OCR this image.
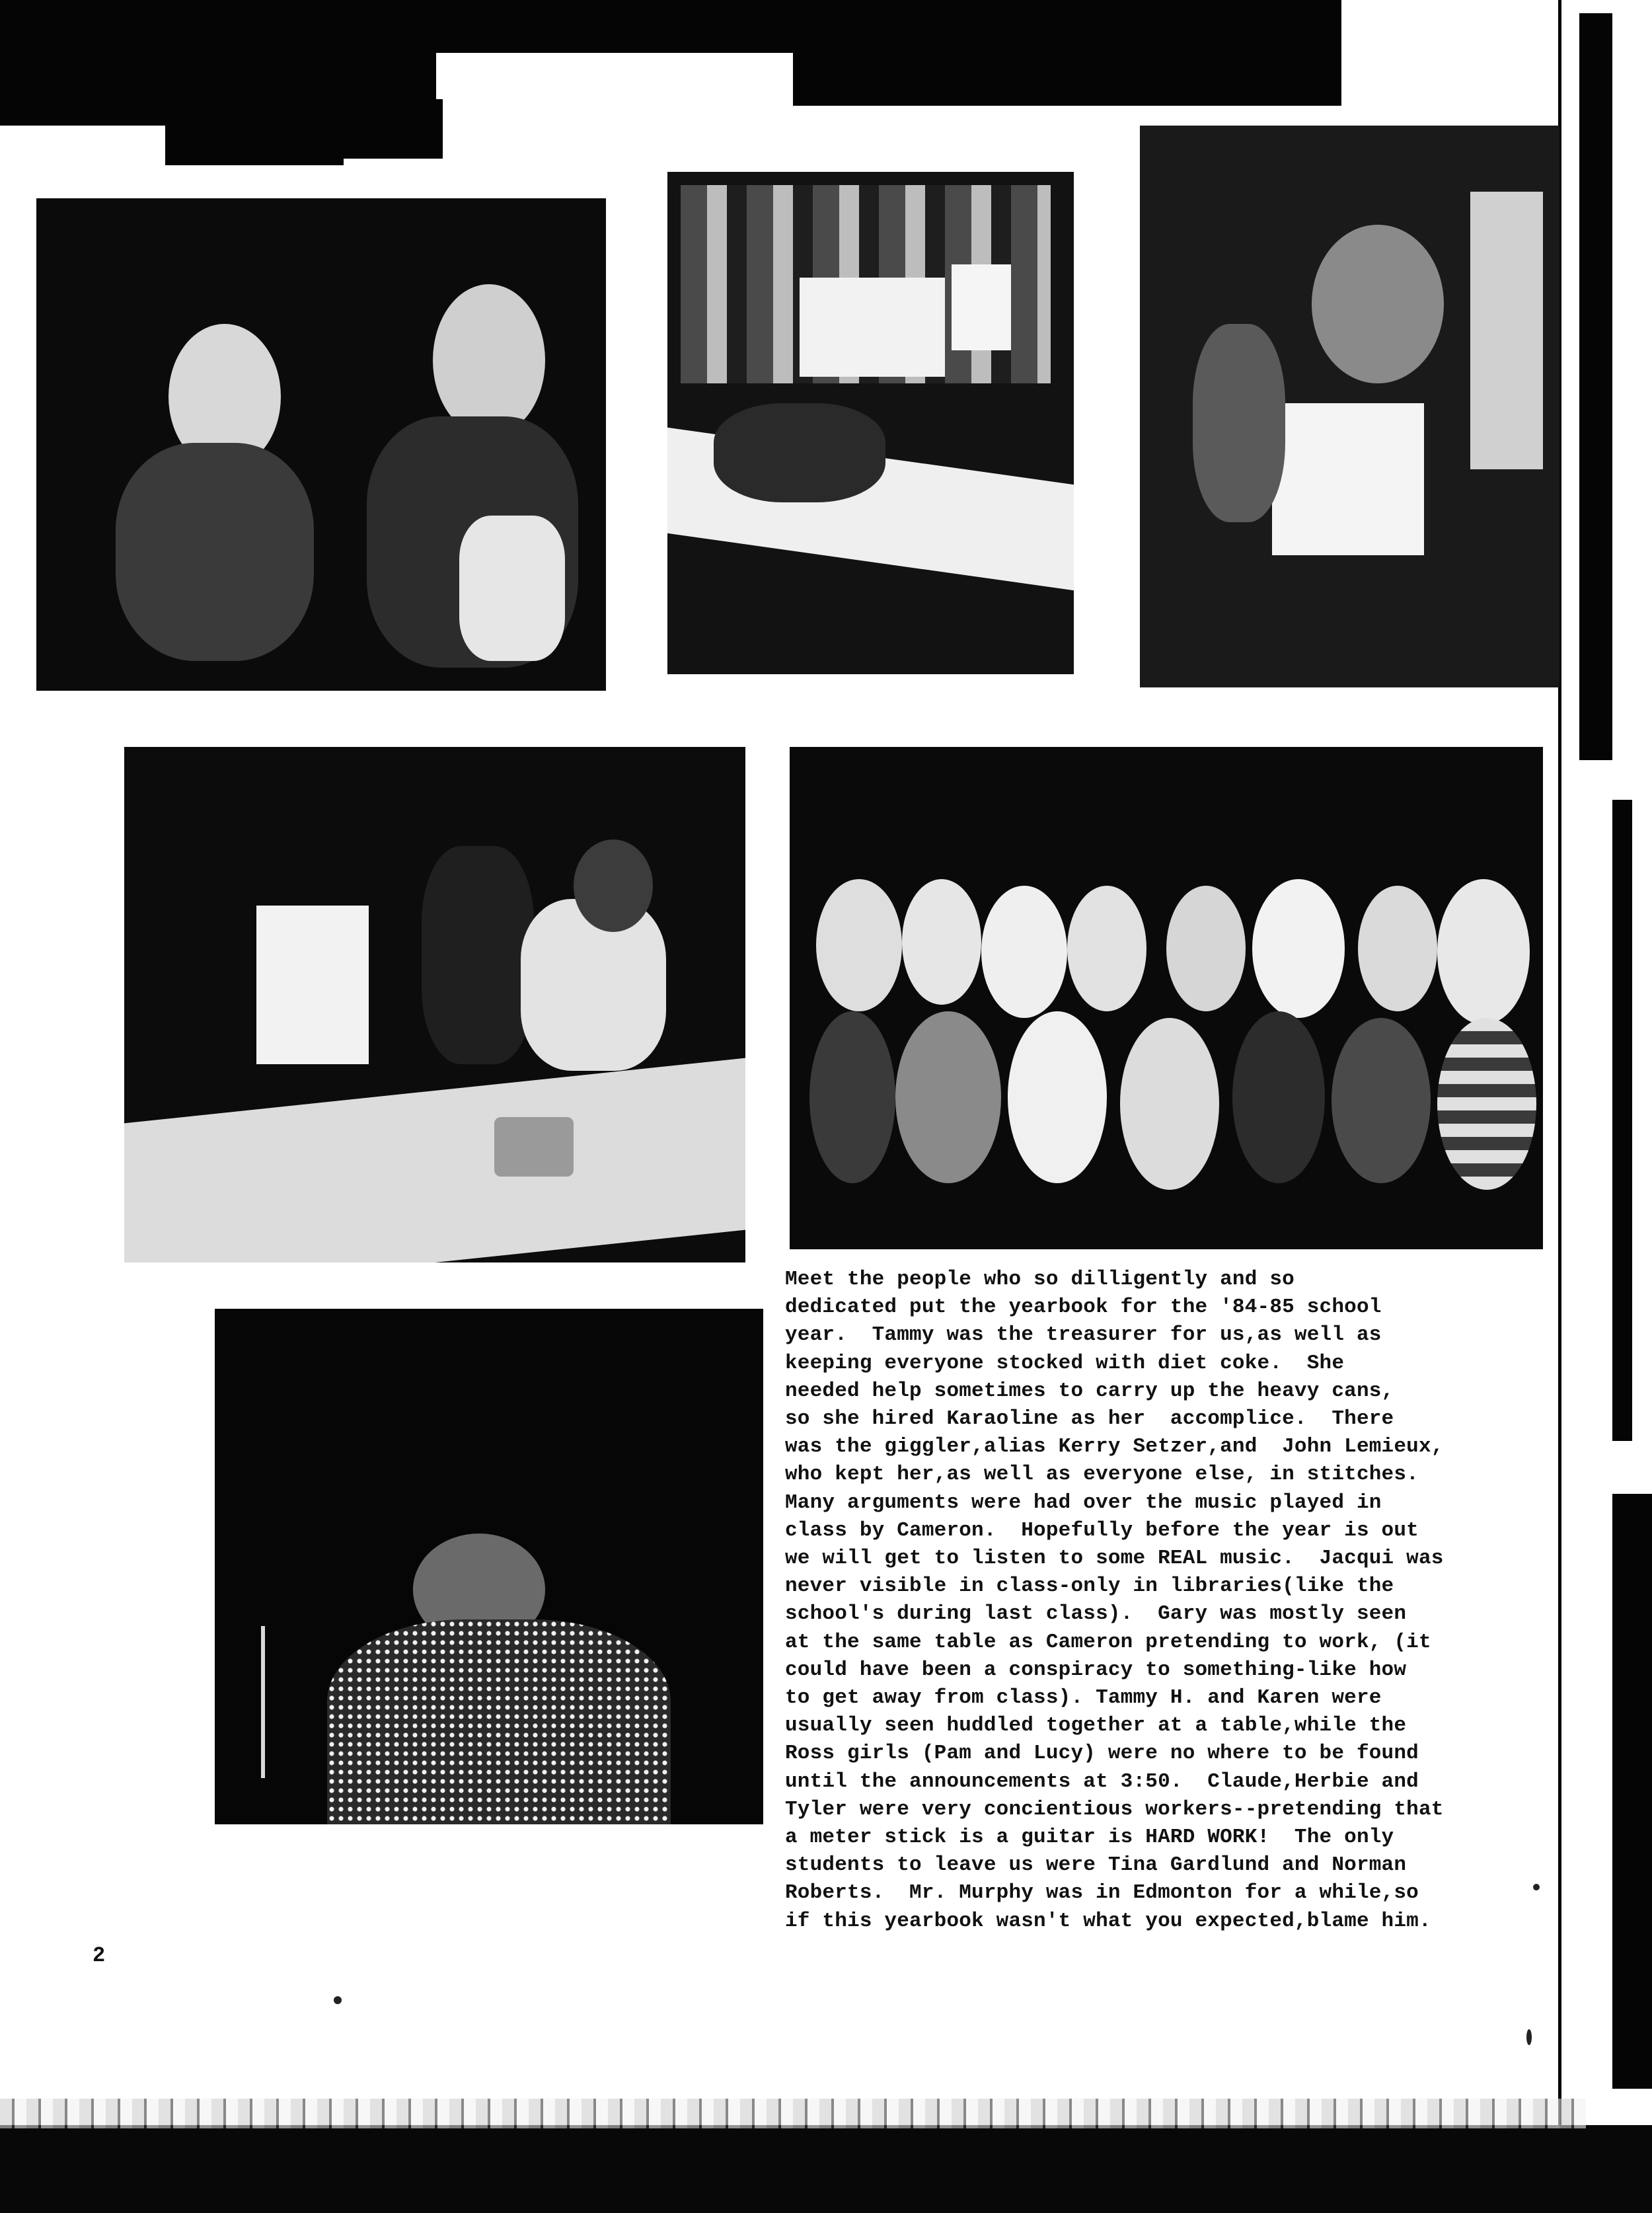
Meet the people who so dilligently and so

dedicated put the yearbook for the '84-85 school

year.  Tammy was the treasurer for us,as well as

keeping everyone stocked with diet coke.  She

needed help sometimes to carry up the heavy cans,

so she hired Karaoline as her  accomplice.  There

was the giggler,alias Kerry Setzer,and  John Lemieux,

who kept her,as well as everyone else, in stitches.

Many arguments were had over the music played in

class by Cameron.  Hopefully before the year is out

we will get to listen to some REAL music.  Jacqui was

never visible in class-only in libraries(like the

school's during last class).  Gary was mostly seen

at the same table as Cameron pretending to work, (it

could have been a conspiracy to something-like how

to get away from class). Tammy H. and Karen were

usually seen huddled together at a table,while the

Ross girls (Pam and Lucy) were no where to be found

until the announcements at 3:50.  Claude,Herbie and

Tyler were very concientious workers--pretending that

a meter stick is a guitar is HARD WORK!  The only

students to leave us were Tina Gardlund and Norman

Roberts.  Mr. Murphy was in Edmonton for a while,so

if this yearbook wasn't what you expected,blame him.

2
